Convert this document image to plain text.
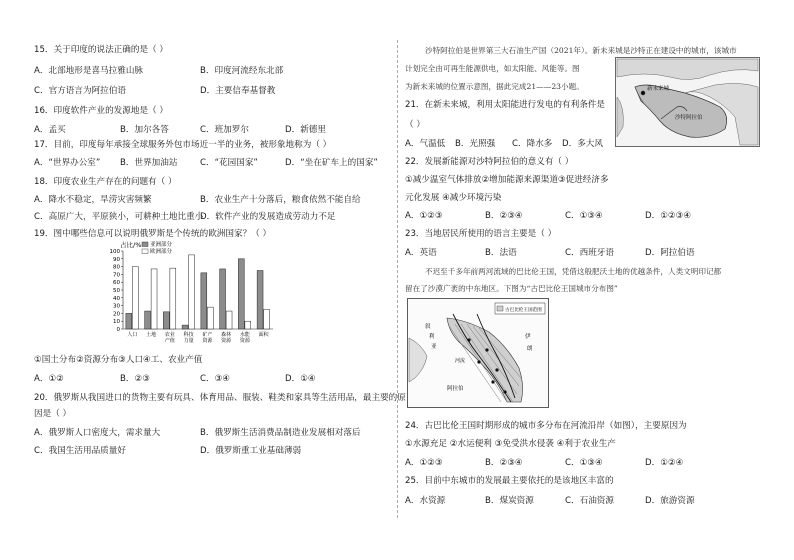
15．关于印度的说法正确的是（ ）
A．北部地形是喜马拉雅山脉	B．印度河流经东北部
C．官方语言为阿拉伯语	D．主要信奉基督教
16．印度软件产业的发源地是（ ）
A．孟买	B．加尔各答	C．班加罗尔	D．新德里
17．目前，印度每年承接全球服务外包市场近一半的业务，被形象地称为（ ）
A．“世界办公室” B．世界加油站	C．“花园国家”	D．“坐在矿车上的国家”
18．印度农业生产存在的问题有（ ）
A．降水不稳定，旱涝灾害频繁	B．农业生产十分落后，粮食依然不能自给
C．高原广大，平原狭小，可耕种土地比重小
D．软件产业的发展造成劳动力不足
19．图中哪些信息可以说明俄罗斯是个传统的欧洲国家？（ ）
占比/%
0
10
20
30
40
50
60
70
80
90
100
人口 土地 农业
产值
科技
力量
矿产
资源
森林
资源
水能
资源
面积
亚洲部分
欧洲部分
①国土分布②资源分布③人口④工、农业产值
A．①②	B．②③	C．③④	D．①④
20．俄罗斯从我国进口的货物主要有玩具、体育用品、服装、鞋类和家具等生活用品，最主要的原
因是（ ）
A．俄罗斯人口密度大，需求量大	B．俄罗斯生活消费品制造业发展相对落后
C．我国生活用品质量好	D．俄罗斯重工业基础薄弱
沙特阿拉伯是世界第三大石油生产国（2021年）。新未来城是沙特正在建设中的城市，该城市
计划完全由可再生能源供电，如太阳能、风能等。图
为新未来城的位置示意图，据此完成21——23小题。	新未来城
沙特阿拉伯
21．在新未来城，利用太阳能进行发电的有利条件是
（ ）
A．气温低 B．光照强 C．降水多 D．多大风
22．发展新能源对沙特阿拉伯的意义有（ ）
①减少温室气体排放②增加能源来源渠道③促进经济多
元化发展 ④减少环境污染
A．①②③	B．②③④	C．①③④	D．①②③④
23．当地居民所使用的语言主要是（ ）
A．英语	B．法语	C．西班牙语	D．阿拉伯语
不迟至千多年前两河流域的巴比伦王国，凭借这般肥沃土地的优越条件，人类文明印记都
留在了沙漠广袤的中东地区。下图为“古巴比伦王国城市分布图”
古巴比伦王国范围
叙
利
亚
伊
朗
阿拉伯
河流
24．古巴比伦王国时期形成的城市多分布在河流沿岸（如图），主要原因为
①水源充足 ②水运便利 ③免受洪水侵袭 ④利于农业生产
A．①②③	B．②③④	C．①③④	D．①②④
25．目前中东城市的发展最主要依托的是该地区丰富的
A．水资源	B．煤炭资源	C．石油资源	D．旅游资源
